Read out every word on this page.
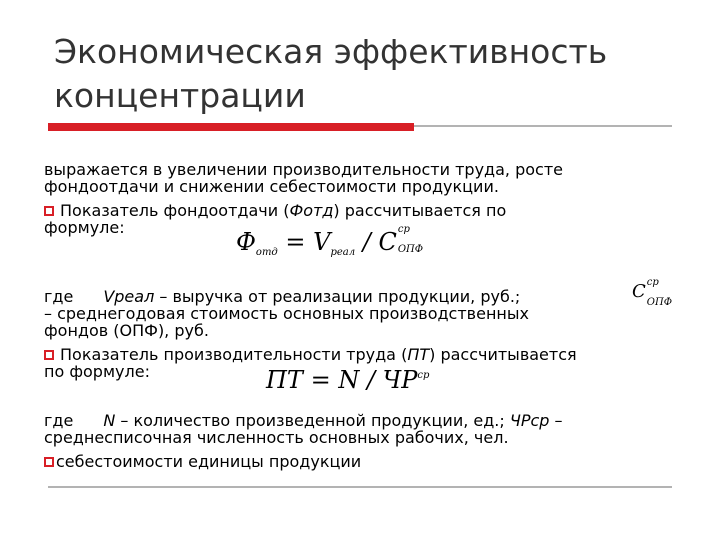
Экономическая эффективность
концентрации
выражается в увеличении производительности труда, росте
фондоотдачи и снижении себестоимости продукции.
Показатель фондоотдачи (Фотд) рассчитывается по
формуле:
$Ф_{отд} = V_{реал} / C$ ср
ОПФ
где Vреал – выручка от реализации продукции, руб.;	C ср
ОПФ
– среднегодовая стоимость основных производственных
фондов (ОПФ), руб.
Показатель производительности труда (ПТ) рассчитывается
по формуле:	ПТ = N / $ЧР^{ср}$
где N – количество произведенной продукции, ед.; ЧРср –
среднесписочная численность основных рабочих, чел.
себестоимости единицы продукции
